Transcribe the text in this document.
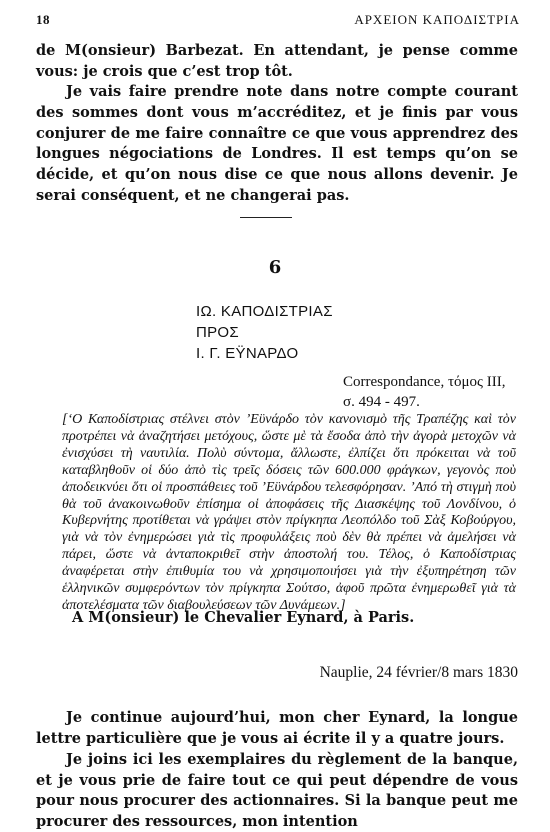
18	ΑΡΧΕΙΟΝ ΚΑΠΟΔΙΣΤΡΙΑ
de M(onsieur) Barbezat. En attendant, je pense comme vous: je crois que c’est trop tôt.
Je vais faire prendre note dans notre compte courant des sommes dont vous m’accréditez, et je finis par vous conjurer de me faire connaître ce que vous apprendrez des longues négociations de Londres. Il est temps qu’on se décide, et qu’on nous dise ce que nous allons devenir. Je serai conséquent, et ne changerai pas.
6
ΙΩ. ΚΑΠΟΔΙΣΤΡΙΑΣ
ΠΡΟΣ
Ι. Γ. ΕΫΝΑΡΔΟ
Correspondance, τόμος III,
σ. 494 - 497.
[‘Ο Καποδίστριας στέλνει στὸν ’Εϋνάρδο τὸν κανονισμὸ τῆς Τραπέζης καὶ τὸν προτρέπει νὰ ἀναζητήσει μετόχους, ὥστε μὲ τὰ ἔσοδα ἀπὸ τὴν ἀγορὰ μετοχῶν νὰ ἐνισχύσει τὴ ναυτιλία. Πολὺ σύντομα, ἄλλωστε, ἐλπίζει ὅτι πρόκειται νὰ τοῦ καταβληθοῦν οἱ δύο ἀπὸ τὶς τρεῖς δόσεις τῶν 600.000 φράγκων, γεγονὸς ποὺ ἀποδεικνύει ὅτι οἱ προσπάθειες τοῦ ’Εϋνάρδου τελεσφόρησαν. ’Από τὴ στιγμὴ ποὺ θὰ τοῦ ἀνακοινωθοῦν ἐπίσημα οἱ ἀποφάσεις τῆς Διασκέψης τοῦ Λονδίνου, ὁ Κυβερνήτης προτίθεται νὰ γράψει στὸν πρίγκηπα Λεοπόλδο τοῦ Σὰξ Κοβούργου, γιὰ νὰ τὸν ἐνημερώσει γιὰ τὶς προφυλάξεις ποὺ δὲν θὰ πρέπει νὰ ἀμελήσει νὰ πάρει, ὥστε νὰ ἀνταποκριθεῖ στὴν ἀποστολή του. Τέλος, ὁ Καποδίστριας ἀναφέρεται στὴν ἐπιθυμία του νὰ χρησιμοποιήσει γιὰ τὴν ἐξυπηρέτηση τῶν ἑλληνικῶν συμφερόντων τὸν πρίγκηπα Σούτσο, ἀφοῦ πρῶτα ἐνημερωθεῖ γιὰ τὰ ἀποτελέσματα τῶν διαβουλεύσεων τῶν Δυνάμεων.]
A M(onsieur) le Chevalier Eynard, à Paris.
Nauplie, 24 février/8 mars 1830
Je continue aujourd’hui, mon cher Eynard, la longue lettre particulière que je vous ai écrite il y a quatre jours.
Je joins ici les exemplaires du règlement de la banque, et je vous prie de faire tout ce qui peut dépendre de vous pour nous procurer des actionnaires. Si la banque peut me procurer des ressources, mon intention
